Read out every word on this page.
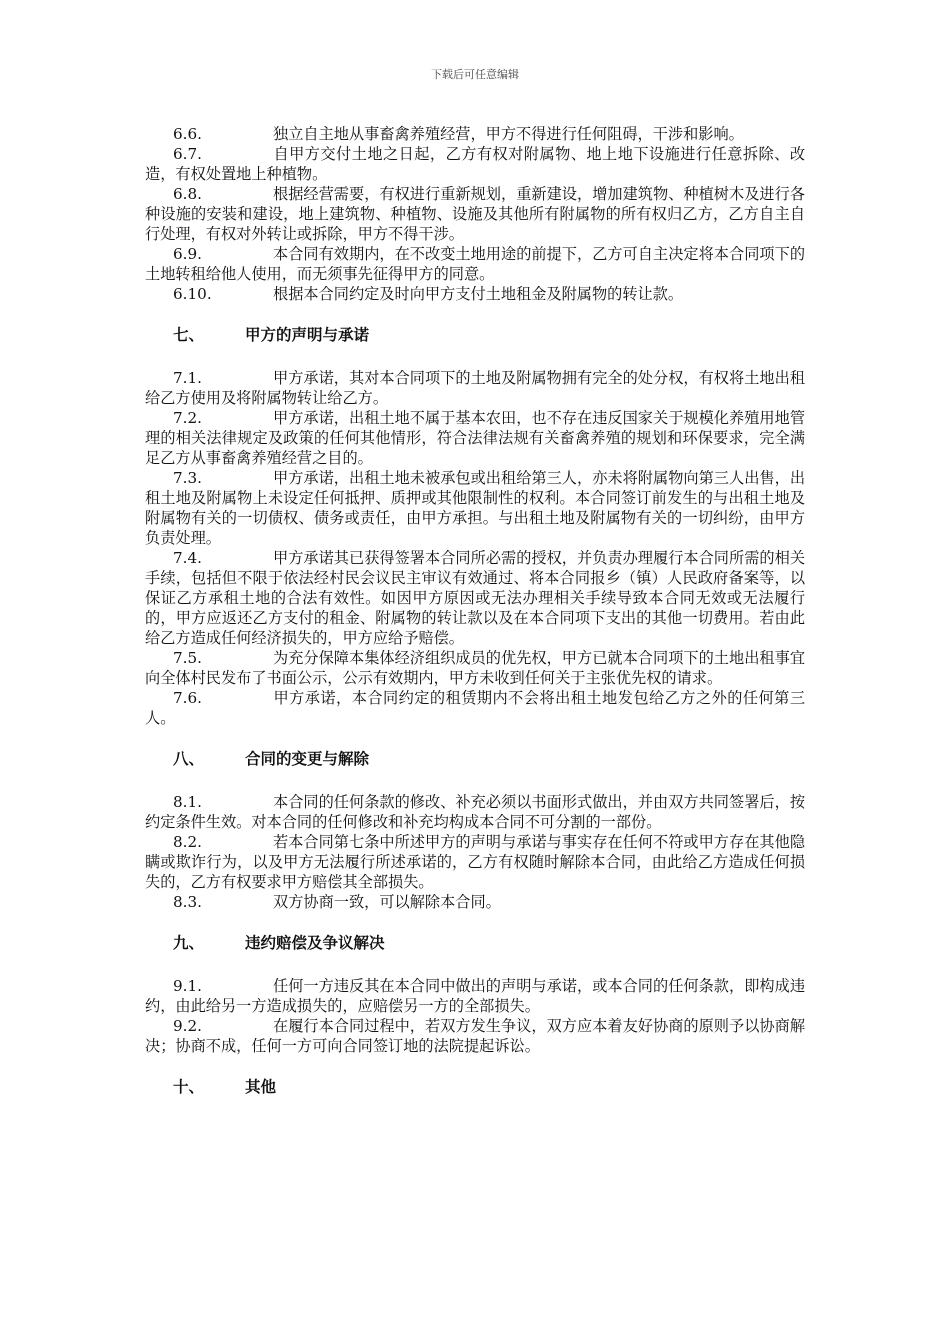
下载后可任意编辑

6.6.	独立自主地从事畜禽养殖经营，甲方不得进行任何阻碍，干涉和影响。

6.7.	自甲方交付土地之日起，乙方有权对附属物、地上地下设施进行任意拆除、改造，有权处置地上种植物。

6.8.	根据经营需要，有权进行重新规划，重新建设，增加建筑物、种植树木及进行各种设施的安装和建设，地上建筑物、种植物、设施及其他所有附属物的所有权归乙方，乙方自主自行处理，有权对外转让或拆除，甲方不得干涉。

6.9.	本合同有效期内，在不改变土地用途的前提下，乙方可自主决定将本合同项下的土地转租给他人使用，而无须事先征得甲方的同意。

6.10.	根据本合同约定及时向甲方支付土地租金及附属物的转让款。

七、	甲方的声明与承诺

7.1.	甲方承诺，其对本合同项下的土地及附属物拥有完全的处分权，有权将土地出租给乙方使用及将附属物转让给乙方。

7.2.	甲方承诺，出租土地不属于基本农田，也不存在违反国家关于规模化养殖用地管理的相关法律规定及政策的任何其他情形，符合法律法规有关畜禽养殖的规划和环保要求，完全满足乙方从事畜禽养殖经营之目的。

7.3.	甲方承诺，出租土地未被承包或出租给第三人，亦未将附属物向第三人出售，出租土地及附属物上未设定任何抵押、质押或其他限制性的权利。本合同签订前发生的与出租土地及附属物有关的一切债权、债务或责任，由甲方承担。与出租土地及附属物有关的一切纠纷，由甲方负责处理。

7.4.	甲方承诺其已获得签署本合同所必需的授权，并负责办理履行本合同所需的相关手续，包括但不限于依法经村民会议民主审议有效通过、将本合同报乡（镇）人民政府备案等，以保证乙方承租土地的合法有效性。如因甲方原因或无法办理相关手续导致本合同无效或无法履行的，甲方应返还乙方支付的租金、附属物的转让款以及在本合同项下支出的其他一切费用。若由此给乙方造成任何经济损失的，甲方应给予赔偿。

7.5.	为充分保障本集体经济组织成员的优先权，甲方已就本合同项下的土地出租事宜向全体村民发布了书面公示，公示有效期内，甲方未收到任何关于主张优先权的请求。

7.6.	甲方承诺，本合同约定的租赁期内不会将出租土地发包给乙方之外的任何第三人。

八、	合同的变更与解除

8.1.	本合同的任何条款的修改、补充必须以书面形式做出，并由双方共同签署后，按约定条件生效。对本合同的任何修改和补充均构成本合同不可分割的一部份。

8.2.	若本合同第七条中所述甲方的声明与承诺与事实存在任何不符或甲方存在其他隐瞒或欺诈行为，以及甲方无法履行所述承诺的，乙方有权随时解除本合同，由此给乙方造成任何损失的，乙方有权要求甲方赔偿其全部损失。

8.3.	双方协商一致，可以解除本合同。

九、	违约赔偿及争议解决

9.1.	任何一方违反其在本合同中做出的声明与承诺，或本合同的任何条款，即构成违约，由此给另一方造成损失的，应赔偿另一方的全部损失。

9.2.	在履行本合同过程中，若双方发生争议，双方应本着友好协商的原则予以协商解决；协商不成，任何一方可向合同签订地的法院提起诉讼。

十、	其他
